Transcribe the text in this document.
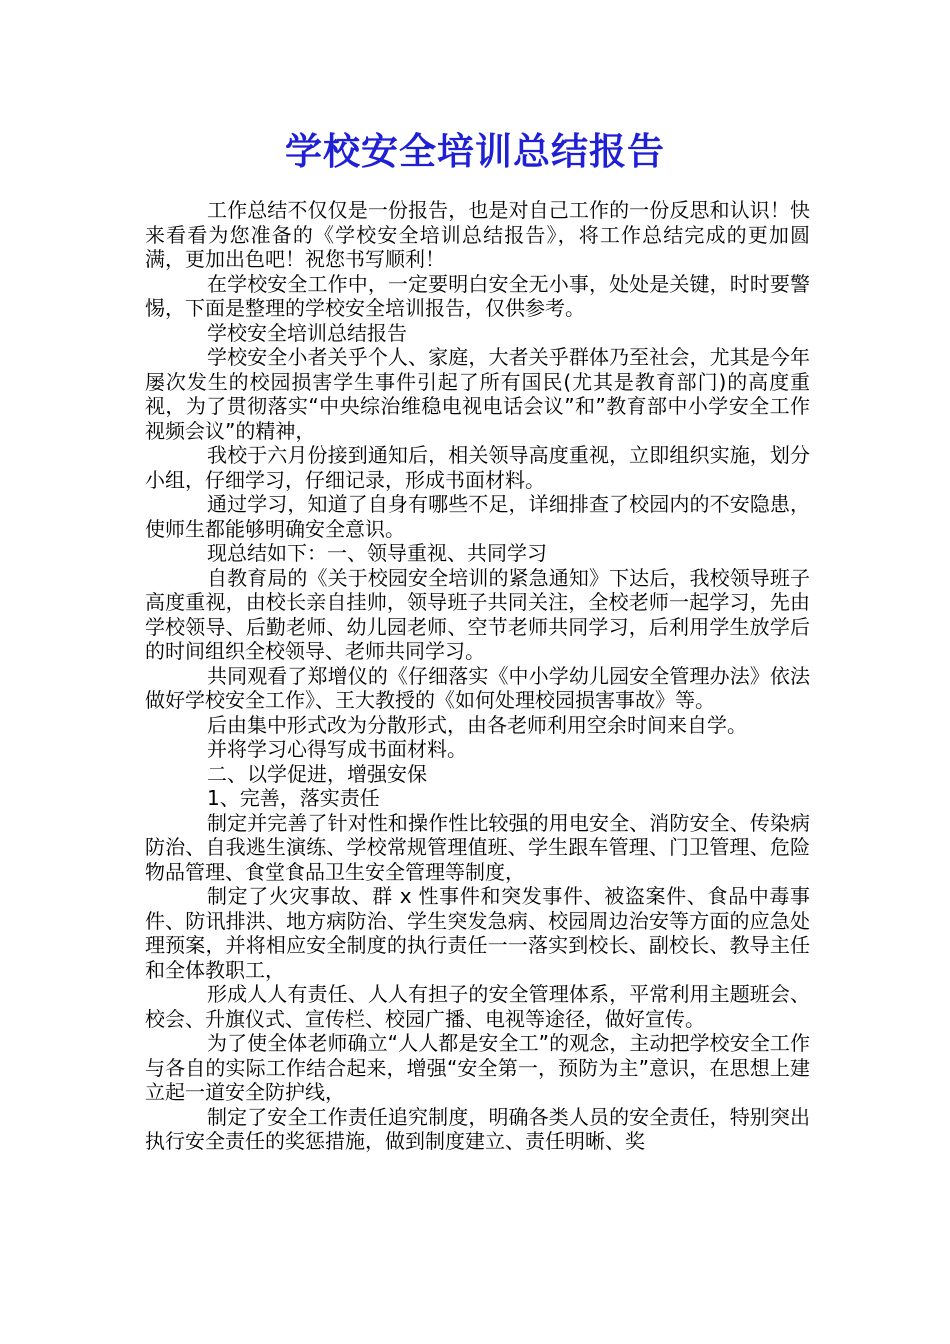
学校安全培训总结报告

工作总结不仅仅是一份报告，也是对自己工作的一份反思和认识！快来看看为您准备的《学校安全培训总结报告》，将工作总结完成的更加圆满，更加出色吧！祝您书写顺利！

在学校安全工作中，一定要明白安全无小事，处处是关键，时时要警惕，下面是整理的学校安全培训报告，仅供参考。

学校安全培训总结报告

学校安全小者关乎个人、家庭，大者关乎群体乃至社会，尤其是今年屡次发生的校园损害学生事件引起了所有国民(尤其是教育部门)的高度重视，为了贯彻落实“中央综治维稳电视电话会议”和”教育部中小学安全工作视频会议”的精神，

我校于六月份接到通知后，相关领导高度重视，立即组织实施，划分小组，仔细学习，仔细记录，形成书面材料。

通过学习，知道了自身有哪些不足，详细排查了校园内的不安隐患，使师生都能够明确安全意识。

现总结如下：一、领导重视、共同学习

自教育局的《关于校园安全培训的紧急通知》下达后，我校领导班子高度重视，由校长亲自挂帅，领导班子共同关注，全校老师一起学习，先由学校领导、后勤老师、幼儿园老师、空节老师共同学习，后利用学生放学后的时间组织全校领导、老师共同学习。

共同观看了郑增仪的《仔细落实《中小学幼儿园安全管理办法》依法做好学校安全工作》、王大教授的《如何处理校园损害事故》等。

后由集中形式改为分散形式，由各老师利用空余时间来自学。

并将学习心得写成书面材料。

二、以学促进，增强安保

1、完善，落实责任

制定并完善了针对性和操作性比较强的用电安全、消防安全、传染病防治、自我逃生演练、学校常规管理值班、学生跟车管理、门卫管理、危险物品管理、食堂食品卫生安全管理等制度，

制定了火灾事故、群 x 性事件和突发事件、被盗案件、食品中毒事件、防讯排洪、地方病防治、学生突发急病、校园周边治安等方面的应急处理预案，并将相应安全制度的执行责任一一落实到校长、副校长、教导主任和全体教职工，

形成人人有责任、人人有担子的安全管理体系，平常利用主题班会、校会、升旗仪式、宣传栏、校园广播、电视等途径，做好宣传。

为了使全体老师确立“人人都是安全工”的观念，主动把学校安全工作与各自的实际工作结合起来，增强“安全第一，预防为主”意识，在思想上建立起一道安全防护线，

制定了安全工作责任追究制度，明确各类人员的安全责任，特别突出执行安全责任的奖惩措施，做到制度建立、责任明晰、奖
